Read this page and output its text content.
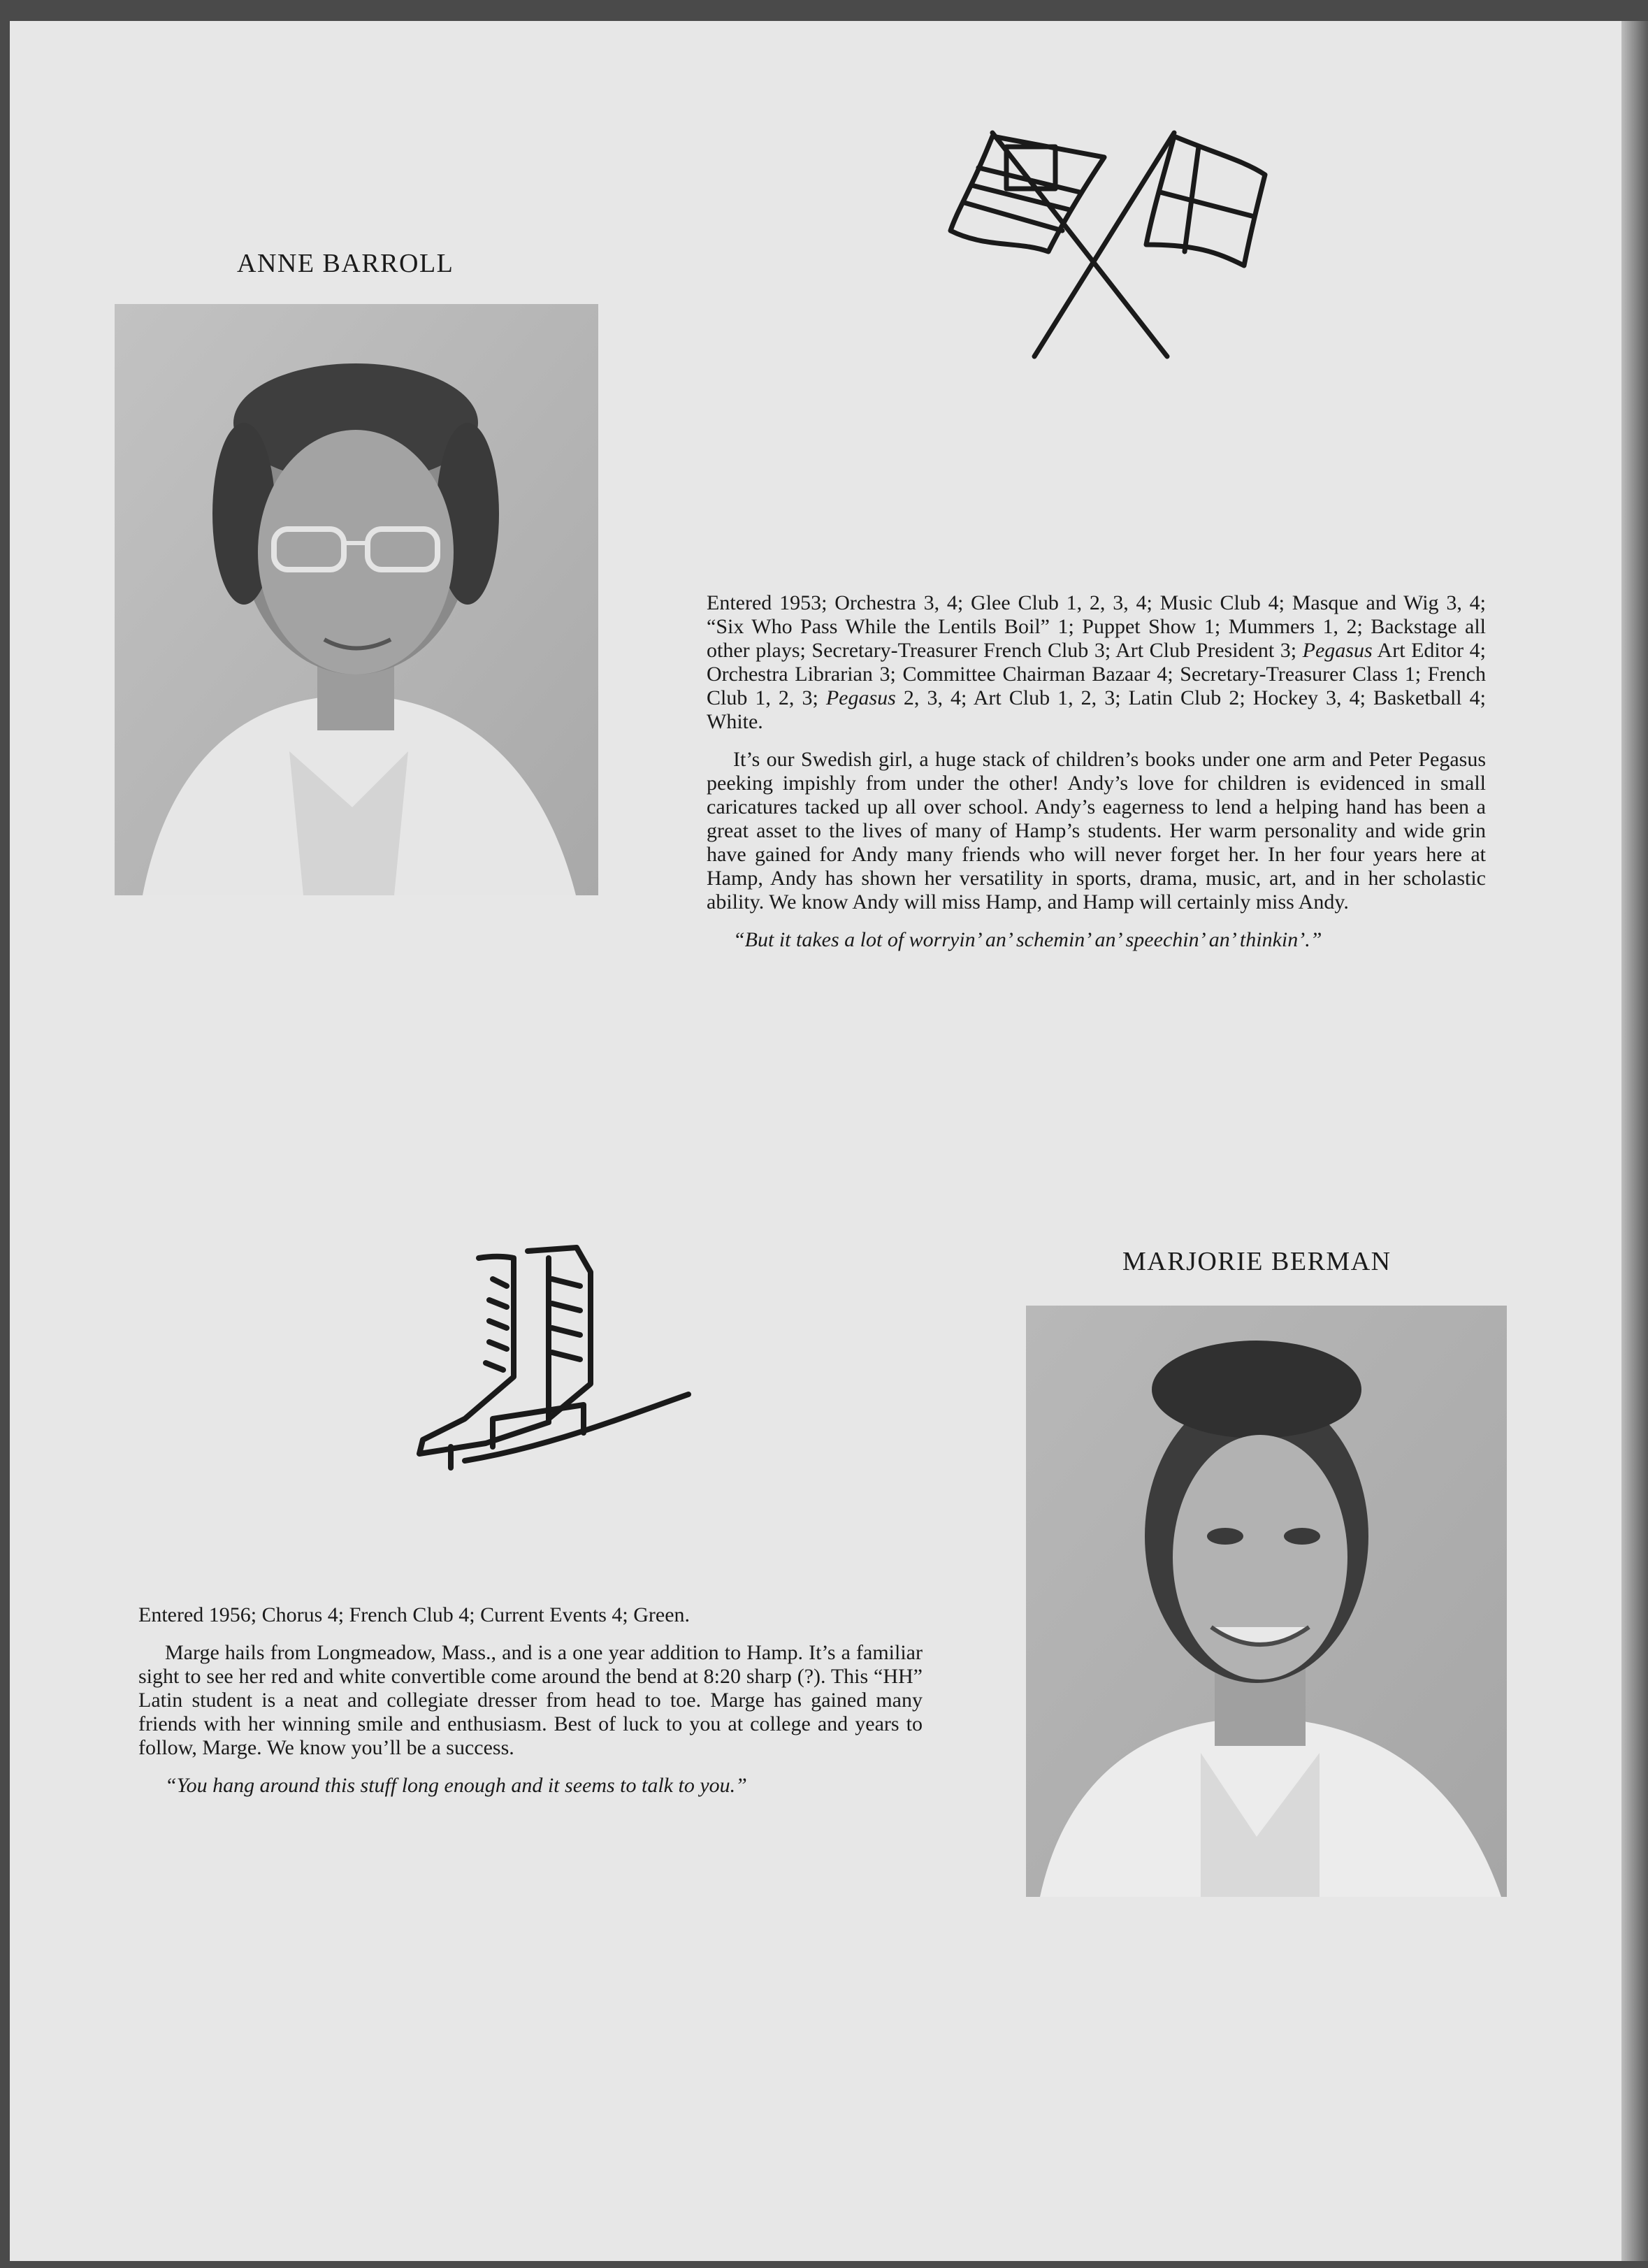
ANNE BARROLL

Entered 1953; Orchestra 3, 4; Glee Club 1, 2, 3, 4; Music Club 4; Masque and Wig 3, 4; “Six Who Pass While the Lentils Boil” 1; Puppet Show 1; Mummers 1, 2; Backstage all other plays; Secretary-Treasurer French Club 3; Art Club President 3; Pegasus Art Editor 4; Orchestra Librarian 3; Committee Chairman Bazaar 4; Secretary-Treasurer Class 1; French Club 1, 2, 3; Pegasus 2, 3, 4; Art Club 1, 2, 3; Latin Club 2; Hockey 3, 4; Basketball 4; White.

It’s our Swedish girl, a huge stack of children’s books under one arm and Peter Pegasus peeking impishly from under the other! Andy’s love for children is evidenced in small caricatures tacked up all over school. Andy’s eagerness to lend a helping hand has been a great asset to the lives of many of Hamp’s students. Her warm personality and wide grin have gained for Andy many friends who will never forget her. In her four years here at Hamp, Andy has shown her versatility in sports, drama, music, art, and in her scholastic ability. We know Andy will miss Hamp, and Hamp will certainly miss Andy.

“But it takes a lot of worryin’ an’ schemin’ an’ speechin’ an’ thinkin’.”

MARJORIE BERMAN

Entered 1956; Chorus 4; French Club 4; Current Events 4; Green.

Marge hails from Longmeadow, Mass., and is a one year addition to Hamp. It’s a familiar sight to see her red and white convertible come around the bend at 8:20 sharp (?). This “HH” Latin student is a neat and collegiate dresser from head to toe. Marge has gained many friends with her winning smile and enthusiasm. Best of luck to you at college and years to follow, Marge. We know you’ll be a success.

“You hang around this stuff long enough and it seems to talk to you.”
